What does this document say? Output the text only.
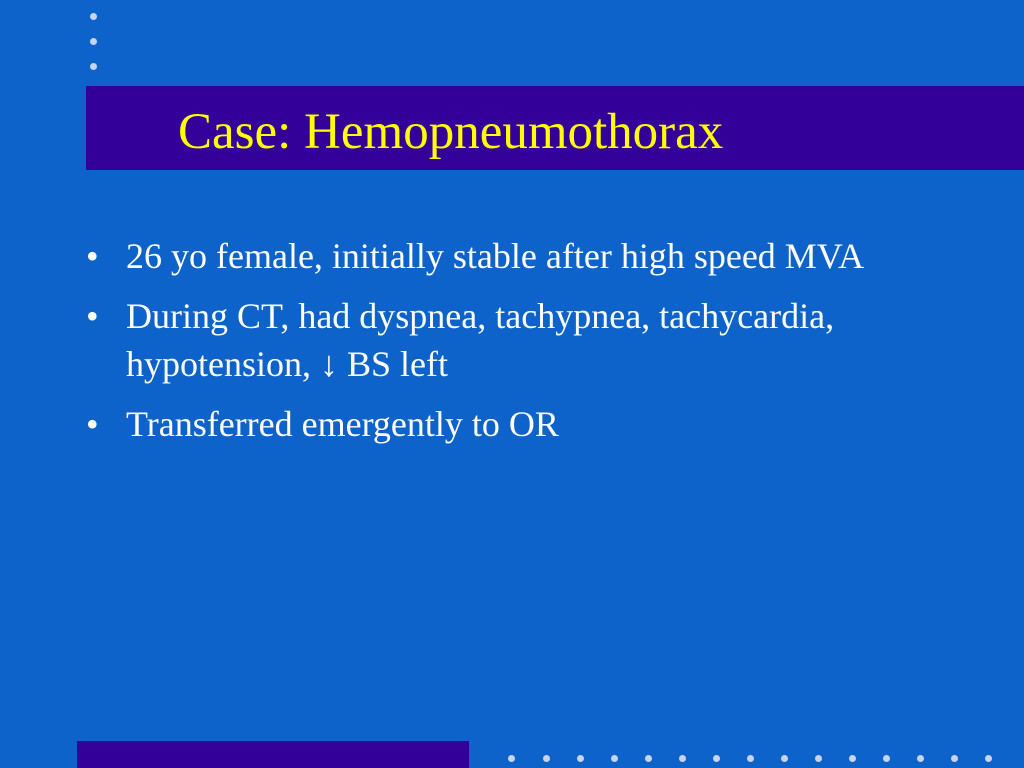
Case: Hemopneumothorax
• 26 yo female, initially stable after high speed MVA
• During CT, had dyspnea, tachypnea, tachycardia, hypotension, ↓ BS left
• Transferred emergently to OR
